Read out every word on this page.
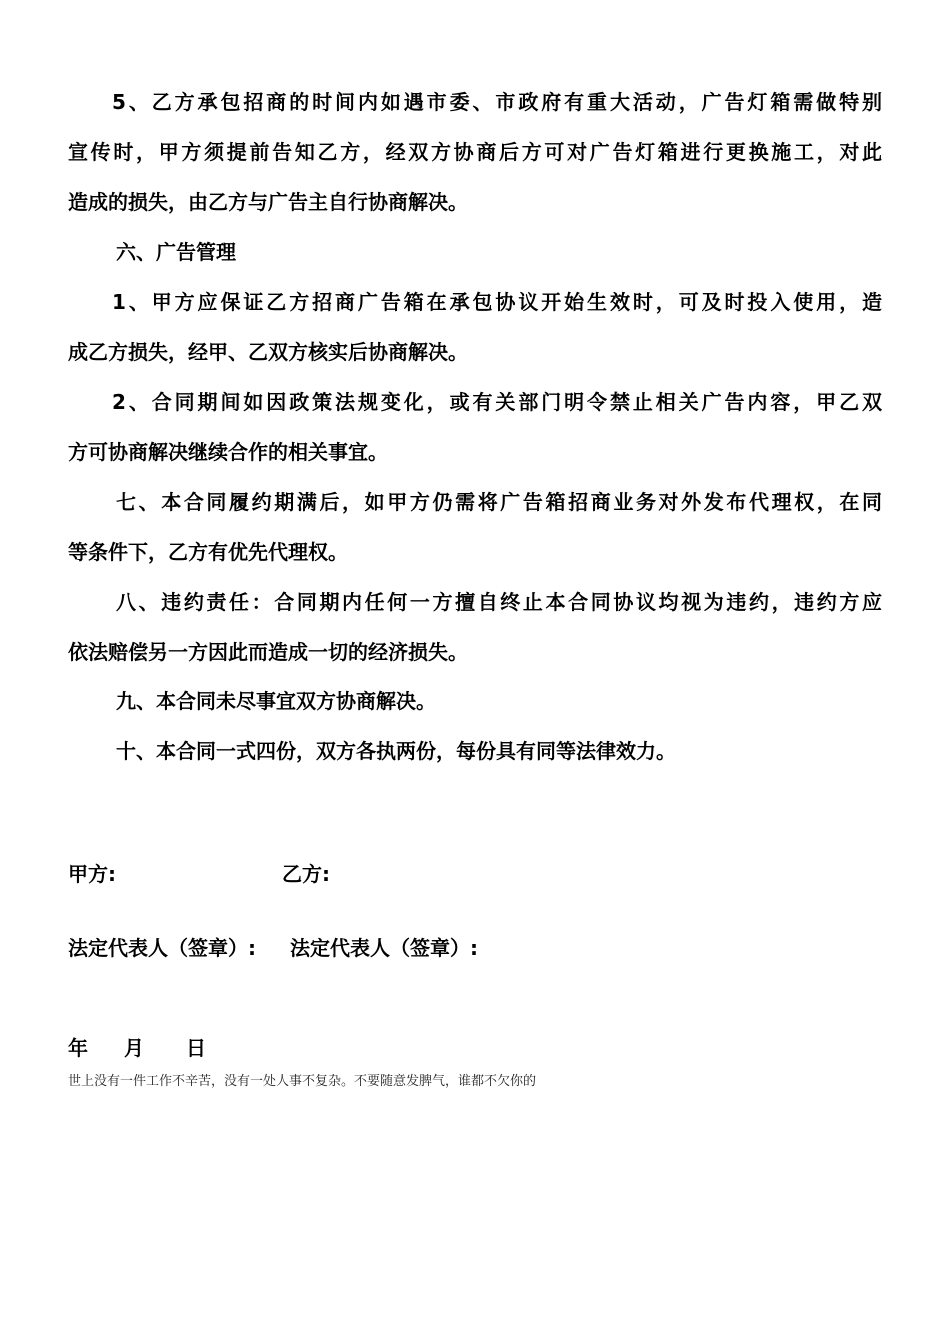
5、乙方承包招商的时间内如遇市委、市政府有重大活动，广告灯箱需做特别
宣传时，甲方须提前告知乙方，经双方协商后方可对广告灯箱进行更换施工，对此
造成的损失，由乙方与广告主自行协商解决。
六、广告管理
1、甲方应保证乙方招商广告箱在承包协议开始生效时，可及时投入使用，造
成乙方损失，经甲、乙双方核实后协商解决。
2、合同期间如因政策法规变化，或有关部门明令禁止相关广告内容，甲乙双
方可协商解决继续合作的相关事宜。
七、本合同履约期满后，如甲方仍需将广告箱招商业务对外发布代理权，在同
等条件下，乙方有优先代理权。
八、违约责任：合同期内任何一方擅自终止本合同协议均视为违约，违约方应
依法赔偿另一方因此而造成一切的经济损失。
九、本合同未尽事宜双方协商解决。
十、本合同一式四份，双方各执两份，每份具有同等法律效力。
甲方:	乙方:
法定代表人（签章）: 法定代表人（签章）:
年 月 日
世上没有一件工作不辛苦，没有一处人事不复杂。不要随意发脾气，谁都不欠你的
